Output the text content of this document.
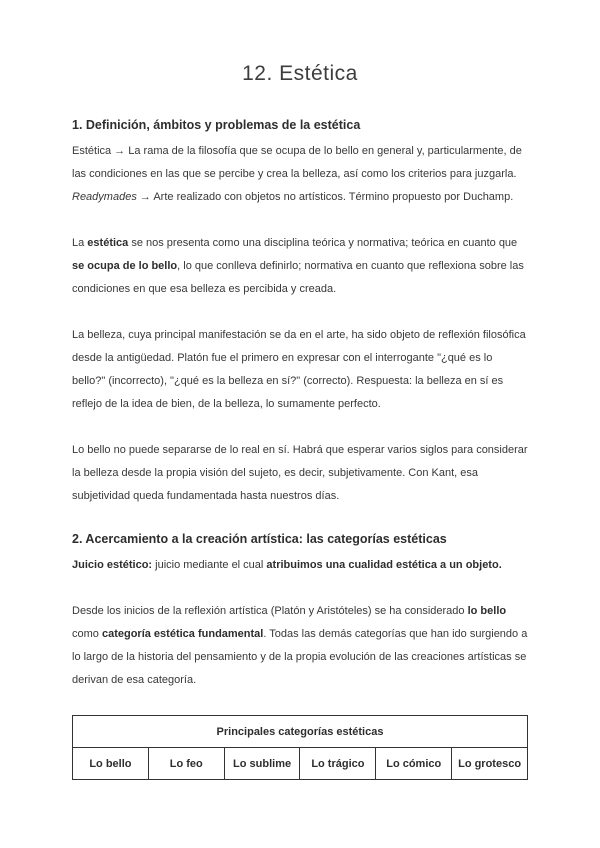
12. Estética
1. Definición, ámbitos y problemas de la estética

Estética → La rama de la filosofía que se ocupa de lo bello en general y, particularmente, de las condiciones en las que se percibe y crea la belleza, así como los criterios para juzgarla.

Readymades → Arte realizado con objetos no artísticos. Término propuesto por Duchamp.

La estética se nos presenta como una disciplina teórica y normativa; teórica en cuanto que se ocupa de lo bello, lo que conlleva definirlo; normativa en cuanto que reflexiona sobre las condiciones en que esa belleza es percibida y creada.

La belleza, cuya principal manifestación se da en el arte, ha sido objeto de reflexión filosófica desde la antigüedad. Platón fue el primero en expresar con el interrogante "¿qué es lo bello?" (incorrecto), "¿qué es la belleza en sí?" (correcto). Respuesta: la belleza en sí es reflejo de la idea de bien, de la belleza, lo sumamente perfecto.

Lo bello no puede separarse de lo real en sí. Habrá que esperar varios siglos para considerar la belleza desde la propia visión del sujeto, es decir, subjetivamente. Con Kant, esa subjetividad queda fundamentada hasta nuestros días.

2. Acercamiento a la creación artística: las categorías estéticas

Juicio estético: juicio mediante el cual atribuimos una cualidad estética a un objeto.

Desde los inicios de la reflexión artística (Platón y Aristóteles) se ha considerado lo bello como categoría estética fundamental. Todas las demás categorías que han ido surgiendo a lo largo de la historia del pensamiento y de la propia evolución de las creaciones artísticas se derivan de esa categoría.

Principales categorías estéticas
Lo bello	Lo feo	Lo sublime	Lo trágico	Lo cómico	Lo grotesco
